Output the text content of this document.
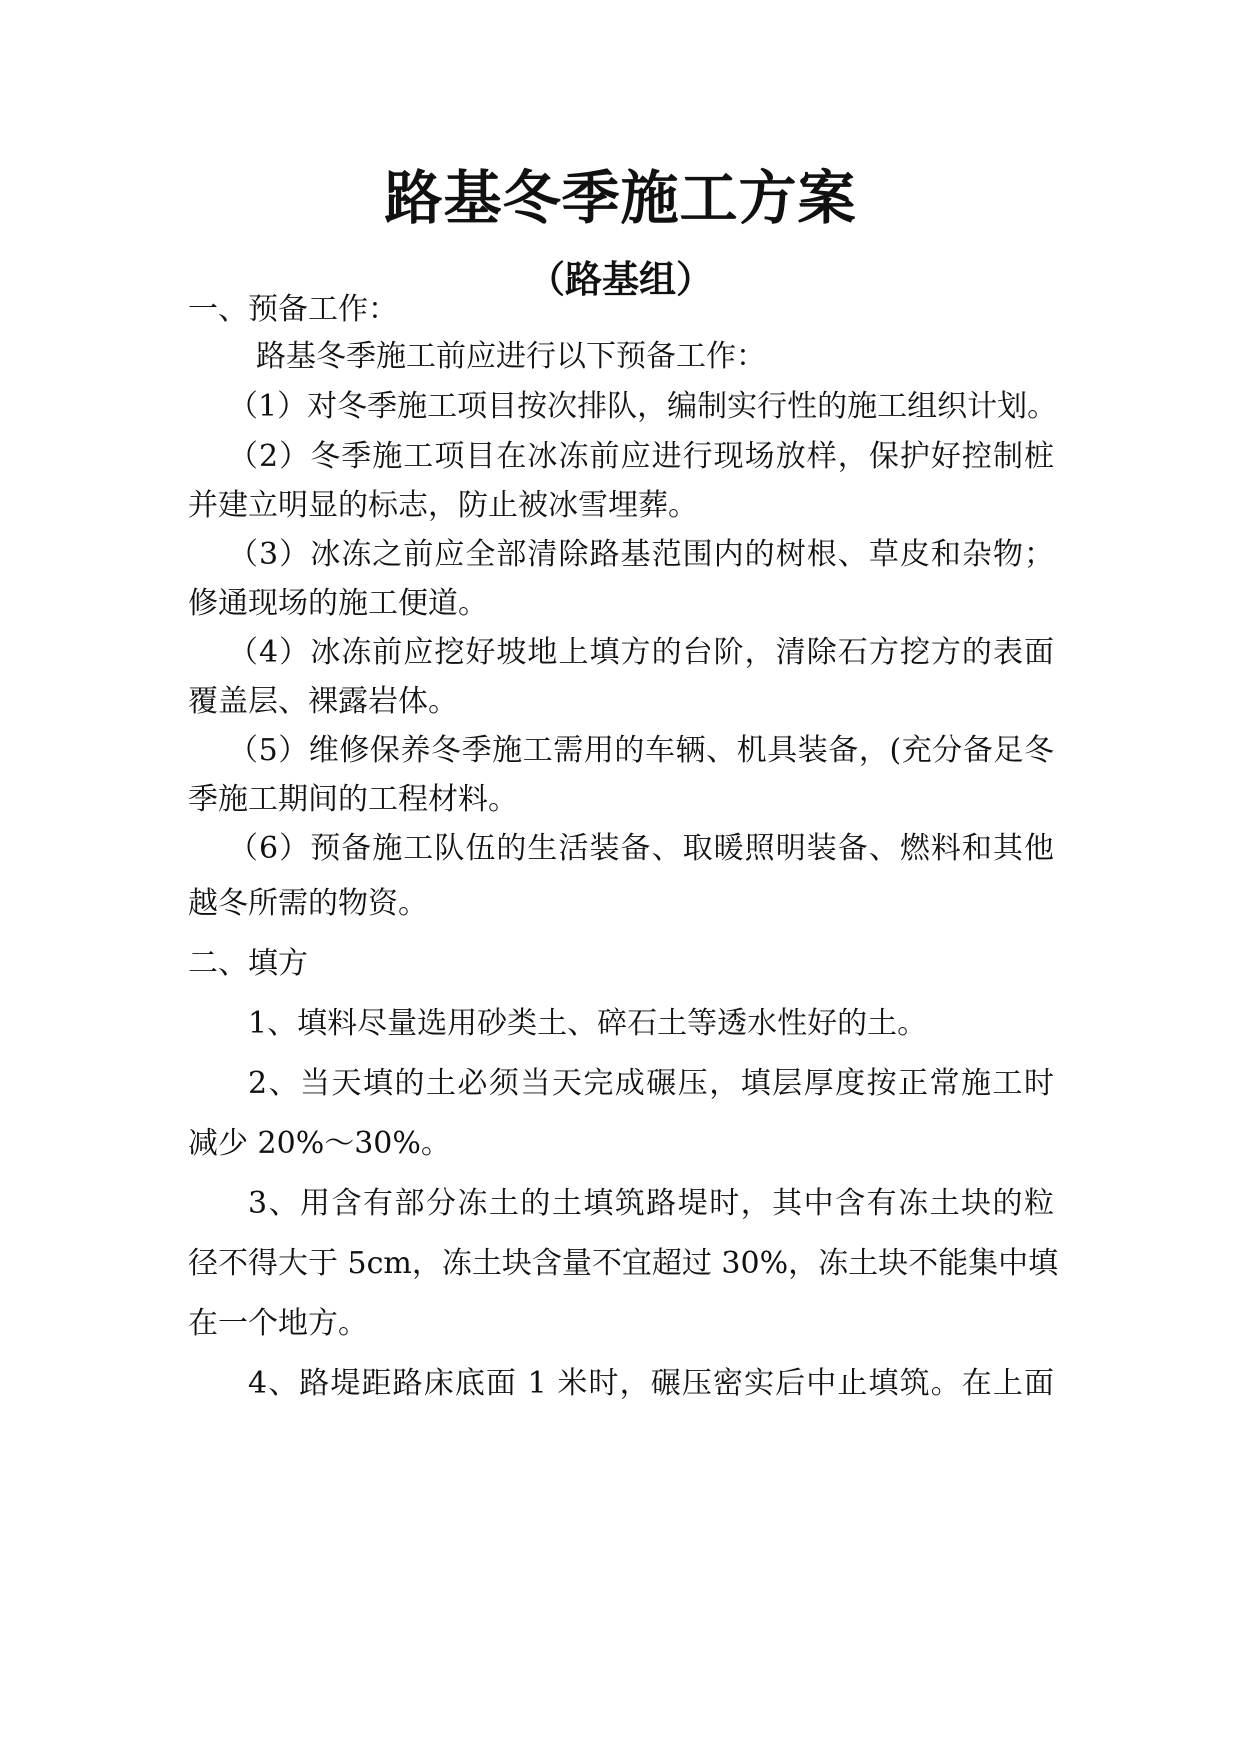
路基冬季施工方案
（路基组）

一、预备工作：

路基冬季施工前应进行以下预备工作：

（1）对冬季施工项目按次排队，编制实行性的施工组织计划。

（2）冬季施工项目在冰冻前应进行现场放样，保护好控制桩

并建立明显的标志，防止被冰雪埋葬。

（3）冰冻之前应全部清除路基范围内的树根、草皮和杂物；

修通现场的施工便道。

（4）冰冻前应挖好坡地上填方的台阶，清除石方挖方的表面

覆盖层、裸露岩体。

（5）维修保养冬季施工需用的车辆、机具装备，(充分备足冬

季施工期间的工程材料。

（6）预备施工队伍的生活装备、取暖照明装备、燃料和其他

越冬所需的物资。

二、填方

1、填料尽量选用砂类土、碎石土等透水性好的土。

2、当天填的土必须当天完成碾压，填层厚度按正常施工时

减少 20%～30%。

3、用含有部分冻土的土填筑路堤时，其中含有冻土块的粒

径不得大于 5cm，冻土块含量不宜超过 30%，冻土块不能集中填

在一个地方。

4、路堤距路床底面 1 米时，碾压密实后中止填筑。在上面
